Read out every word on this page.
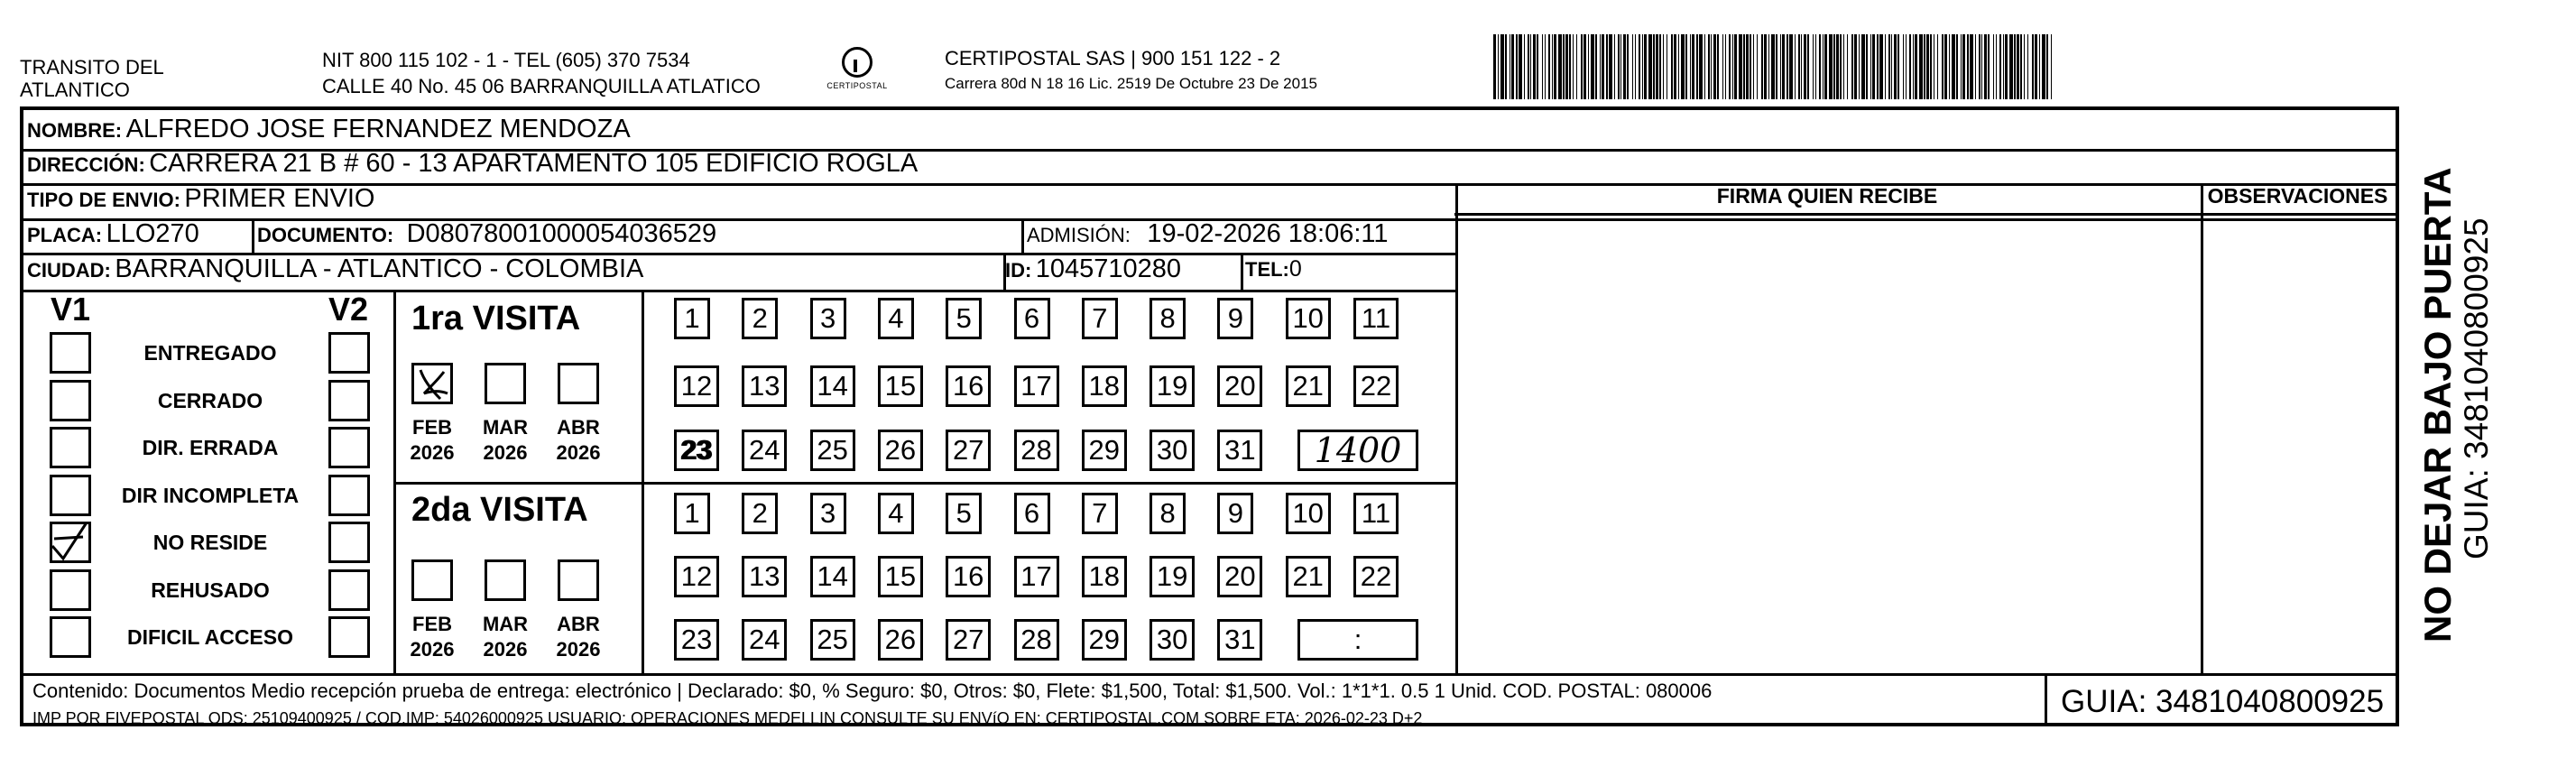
TRANSITO DEL
ATLANTICO
NIT 800 115 102 - 1 - TEL (605) 370 7534
CALLE 40 No. 45 06 BARRANQUILLA ATLATICO	CERTIPOSTAL
CERTIPOSTAL SAS | 900 151 122 - 2
Carrera 80d N 18 16 Lic. 2519 De Octubre 23 De 2015
NOMBRE: ALFREDO JOSE FERNANDEZ MENDOZA
DIRECCIÓN: CARRERA 21 B # 60 - 13 APARTAMENTO 105 EDIFICIO ROGLA
TIPO DE ENVIO: PRIMER ENVIO
PLACA: LLO270	DOCUMENTO: D08078001000054036529	ADMISIÓN: 19-02-2026 18:06:11
CIUDAD: BARRANQUILLA - ATLANTICO - COLOMBIA	ID: 1045710280	TEL:0
FIRMA QUIEN RECIBE	OBSERVACIONES
V1	V2
ENTREGADO
CERRADO
DIR. ERRADA
DIR INCOMPLETA
NO RESIDE
REHUSADO
DIFICIL ACCESO
1ra VISITA
2da VISITA
FEB
2026
MAR
2026
ABR
2026
FEB
2026
MAR
2026
ABR
2026
1 2 3 4 5 6 7 8 9 10 11
12 13 14 15 16 17 18 19 20 21 22
23 24 25 26 27 28 29 30 31 1400
1 2 3 4 5 6 7 8 9 10 11
12 13 14 15 16 17 18 19 20 21 22
23 24 25 26 27 28 29 30 31	:
Contenido: Documentos Medio recepción prueba de entrega: electrónico | Declarado: $0, % Seguro: $0, Otros: $0, Flete: $1,500, Total: $1,500. Vol.: 1*1*1. 0.5 1 Unid. COD. POSTAL: 080006
IMP POR FIVEPOSTAL ODS: 25109400925 / COD.IMP: 54026000925 USUARIO: OPERACIONES MEDELLIN CONSULTE SU ENVíO EN: CERTIPOSTAL.COM SOBRE ETA: 2026-02-23 D+2	GUIA: 3481040800925
NO DEJAR BAJO PUERTA GUIA: 3481040800925
